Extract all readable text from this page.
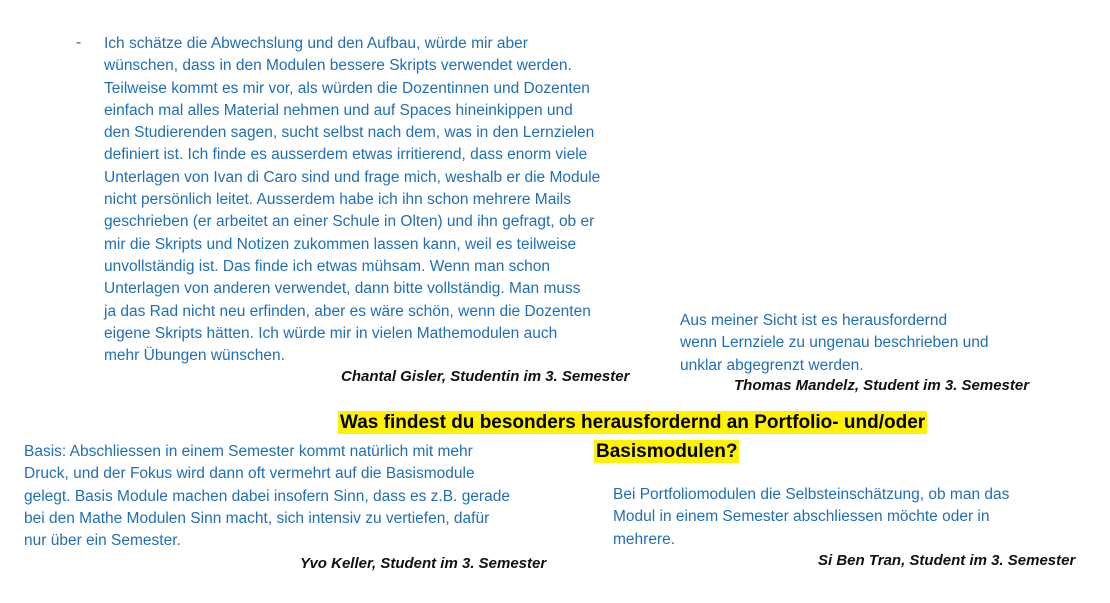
- Ich schätze die Abwechslung und den Aufbau, würde mir aber
wünschen, dass in den Modulen bessere Skripts verwendet werden.
Teilweise kommt es mir vor, als würden die Dozentinnen und Dozenten
einfach mal alles Material nehmen und auf Spaces hineinkippen und
den Studierenden sagen, sucht selbst nach dem, was in den Lernzielen
definiert ist. Ich finde es ausserdem etwas irritierend, dass enorm viele
Unterlagen von Ivan di Caro sind und frage mich, weshalb er die Module
nicht persönlich leitet. Ausserdem habe ich ihn schon mehrere Mails
geschrieben (er arbeitet an einer Schule in Olten) und ihn gefragt, ob er
mir die Skripts und Notizen zukommen lassen kann, weil es teilweise
unvollständig ist. Das finde ich etwas mühsam. Wenn man schon
Unterlagen von anderen verwendet, dann bitte vollständig. Man muss
ja das Rad nicht neu erfinden, aber es wäre schön, wenn die Dozenten
eigene Skripts hätten. Ich würde mir in vielen Mathemodulen auch
mehr Übungen wünschen.

Chantal Gisler, Studentin im 3. Semester

Aus meiner Sicht ist es herausfordernd
wenn Lernziele zu ungenau beschrieben und
unklar abgegrenzt werden.

Thomas Mandelz, Student im 3. Semester

Was findest du besonders herausfordernd an Portfolio- und/oder
Basismodulen?

Basis: Abschliessen in einem Semester kommt natürlich mit mehr
Druck, und der Fokus wird dann oft vermehrt auf die Basismodule
gelegt. Basis Module machen dabei insofern Sinn, dass es z.B. gerade
bei den Mathe Modulen Sinn macht, sich intensiv zu vertiefen, dafür
nur über ein Semester.

Yvo Keller, Student im 3. Semester

Bei Portfoliomodulen die Selbsteinschätzung, ob man das
Modul in einem Semester abschliessen möchte oder in
mehrere.

Si Ben Tran, Student im 3. Semester
